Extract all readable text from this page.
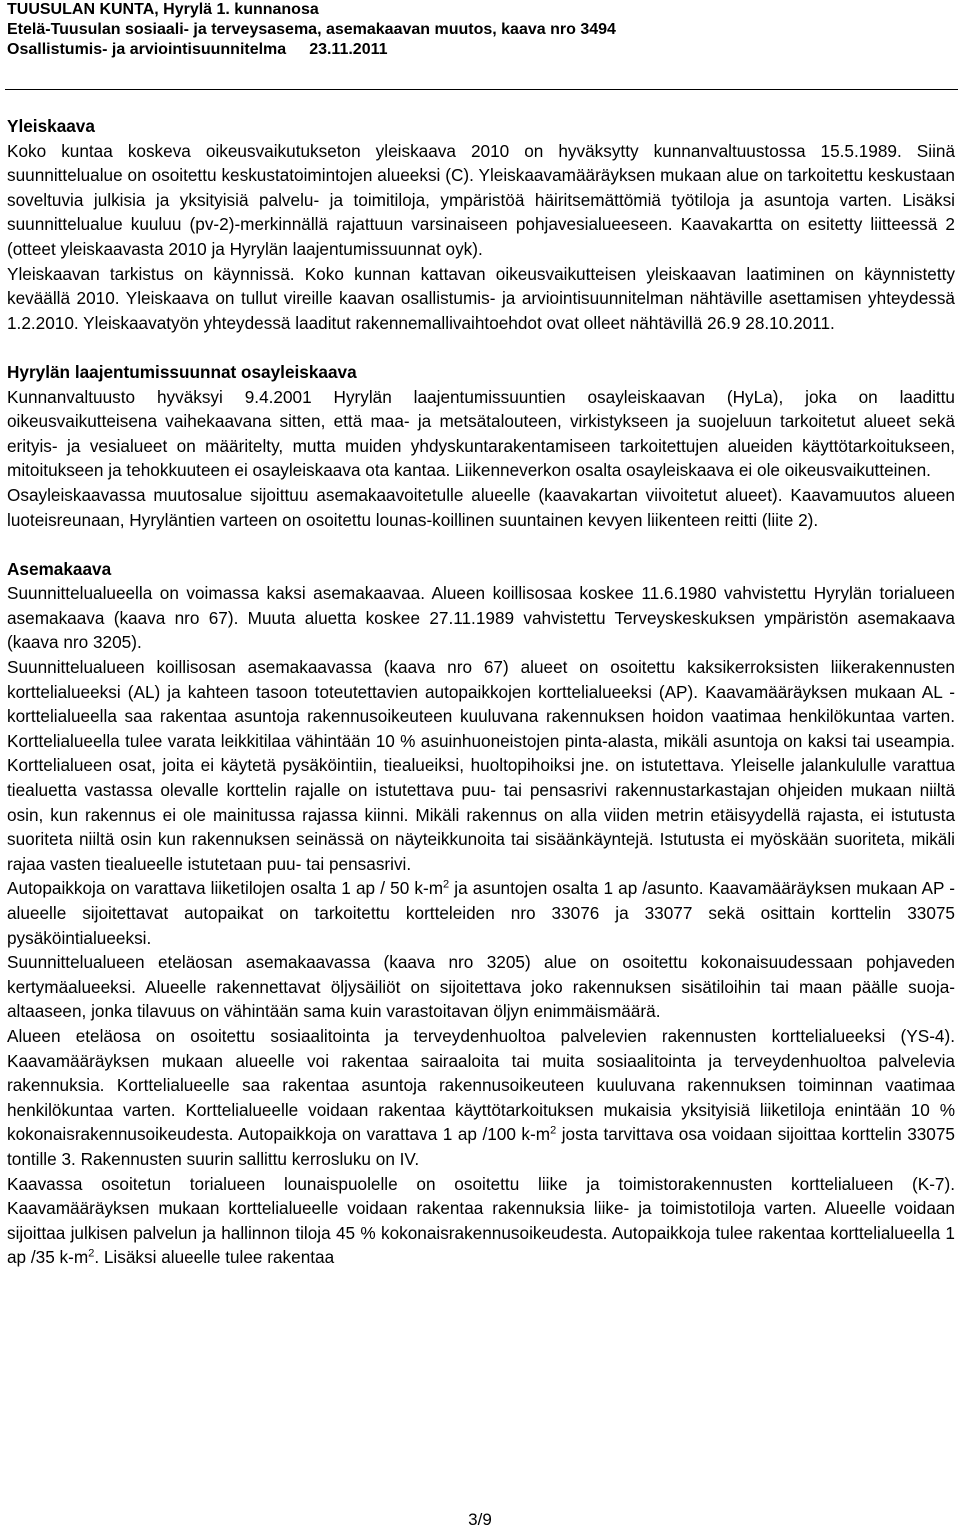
TUUSULAN KUNTA, Hyrylä 1. kunnanosa
Etelä-Tuusulan sosiaali- ja terveysasema, asemakaavan muutos, kaava nro 3494
Osallistumis- ja arviointisuunnitelma 23.11.2011
Yleiskaava

Koko kuntaa koskeva oikeusvaikutukseton yleiskaava 2010 on hyväksytty kunnanvaltuustossa 15.5.1989. Siinä suunnittelualue on osoitettu keskustatoimintojen alueeksi (C). Yleiskaavamääräyksen mukaan alue on tarkoitettu keskustaan soveltuvia julkisia ja yksityisiä palvelu- ja toimitiloja, ympäristöä häiritsemättömiä työtiloja ja asuntoja varten. Lisäksi suunnittelualue kuuluu (pv-2)-merkinnällä rajattuun varsinaiseen pohjavesialueeseen. Kaavakartta on esitetty liitteessä 2 (otteet yleiskaavasta 2010 ja Hyrylän laajentumissuunnat oyk).

Yleiskaavan tarkistus on käynnissä. Koko kunnan kattavan oikeusvaikutteisen yleiskaavan laatiminen on käynnistetty keväällä 2010. Yleiskaava on tullut vireille kaavan osallistumis- ja arviointisuunnitelman nähtäville asettamisen yhteydessä 1.2.2010. Yleiskaavatyön yhteydessä laaditut rakennemallivaihtoehdot ovat olleet nähtävillä 26.9 28.10.2011.

Hyrylän laajentumissuunnat osayleiskaava

Kunnanvaltuusto hyväksyi 9.4.2001 Hyrylän laajentumissuuntien osayleiskaavan (HyLa), joka on laadittu oikeusvaikutteisena vaihekaavana sitten, että maa- ja metsätalouteen, virkistykseen ja suojeluun tarkoitetut alueet sekä erityis- ja vesialueet on määritelty, mutta muiden yhdyskuntarakentamiseen tarkoitettujen alueiden käyttötarkoitukseen, mitoitukseen ja tehokkuuteen ei osayleiskaava ota kantaa. Liikenneverkon osalta osayleiskaava ei ole oikeusvaikutteinen.

Osayleiskaavassa muutosalue sijoittuu asemakaavoitetulle alueelle (kaavakartan viivoitetut alueet). Kaavamuutos alueen luoteisreunaan, Hyryläntien varteen on osoitettu lounas-koillinen suuntainen kevyen liikenteen reitti (liite 2).

Asemakaava

Suunnittelualueella on voimassa kaksi asemakaavaa. Alueen koillisosaa koskee 11.6.1980 vahvistettu Hyrylän torialueen asemakaava (kaava nro 67). Muuta aluetta koskee 27.11.1989 vahvistettu Terveyskeskuksen ympäristön asemakaava (kaava nro 3205).

Suunnittelualueen koillisosan asemakaavassa (kaava nro 67) alueet on osoitettu kaksikerroksisten liikerakennusten korttelialueeksi (AL) ja kahteen tasoon toteutettavien autopaikkojen korttelialueeksi (AP). Kaavamääräyksen mukaan AL -korttelialueella saa rakentaa asuntoja rakennusoikeuteen kuuluvana rakennuksen hoidon vaatimaa henkilökuntaa varten. Korttelialueella tulee varata leikkitilaa vähintään 10 % asuinhuoneistojen pinta-alasta, mikäli asuntoja on kaksi tai useampia. Korttelialueen osat, joita ei käytetä pysäköintiin, tiealueiksi, huoltopihoiksi jne. on istutettava. Yleiselle jalankululle varattua tiealuetta vastassa olevalle korttelin rajalle on istutettava puu- tai pensasrivi rakennustarkastajan ohjeiden mukaan niiltä osin, kun rakennus ei ole mainitussa rajassa kiinni. Mikäli rakennus on alla viiden metrin etäisyydellä rajasta, ei istutusta suoriteta niiltä osin kun rakennuksen seinässä on näyteikkunoita tai sisäänkäyntejä. Istutusta ei myöskään suoriteta, mikäli rajaa vasten tiealueelle istutetaan puu- tai pensasrivi.

Autopaikkoja on varattava liiketilojen osalta 1 ap / 50 $k-m^2$ ja asuntojen osalta 1 ap /asunto. Kaavamääräyksen mukaan AP -alueelle sijoitettavat autopaikat on tarkoitettu kortteleiden nro 33076 ja 33077 sekä osittain korttelin 33075 pysäköintialueeksi.

Suunnittelualueen eteläosan asemakaavassa (kaava nro 3205) alue on osoitettu kokonaisuudessaan pohjaveden kertymäalueeksi. Alueelle rakennettavat öljysäiliöt on sijoitettava joko rakennuksen sisätiloihin tai maan päälle suoja-altaaseen, jonka tilavuus on vähintään sama kuin varastoitavan öljyn enimmäismäärä.

Alueen eteläosa on osoitettu sosiaalitointa ja terveydenhuoltoa palvelevien rakennusten korttelialueeksi (YS-4). Kaavamääräyksen mukaan alueelle voi rakentaa sairaaloita tai muita sosiaalitointa ja terveydenhuoltoa palvelevia rakennuksia. Korttelialueelle saa rakentaa asuntoja rakennusoikeuteen kuuluvana rakennuksen toiminnan vaatimaa henkilökuntaa varten. Korttelialueelle voidaan rakentaa käyttötarkoituksen mukaisia yksityisiä liiketiloja enintään 10 % kokonaisrakennusoikeudesta. Autopaikkoja on varattava 1 ap /100 $k-m^2$ josta tarvittava osa voidaan sijoittaa korttelin 33075 tontille 3. Rakennusten suurin sallittu kerrosluku on IV.

Kaavassa osoitetun torialueen lounaispuolelle on osoitettu liike ja toimistorakennusten korttelialueen (K-7). Kaavamääräyksen mukaan korttelialueelle voidaan rakentaa rakennuksia liike- ja toimistotiloja varten. Alueelle voidaan sijoittaa julkisen palvelun ja hallinnon tiloja 45 % kokonaisrakennusoikeudesta. Autopaikkoja tulee rakentaa korttelialueella 1 ap /35 $k-m^2$. Lisäksi alueelle tulee rakentaa

3/9
